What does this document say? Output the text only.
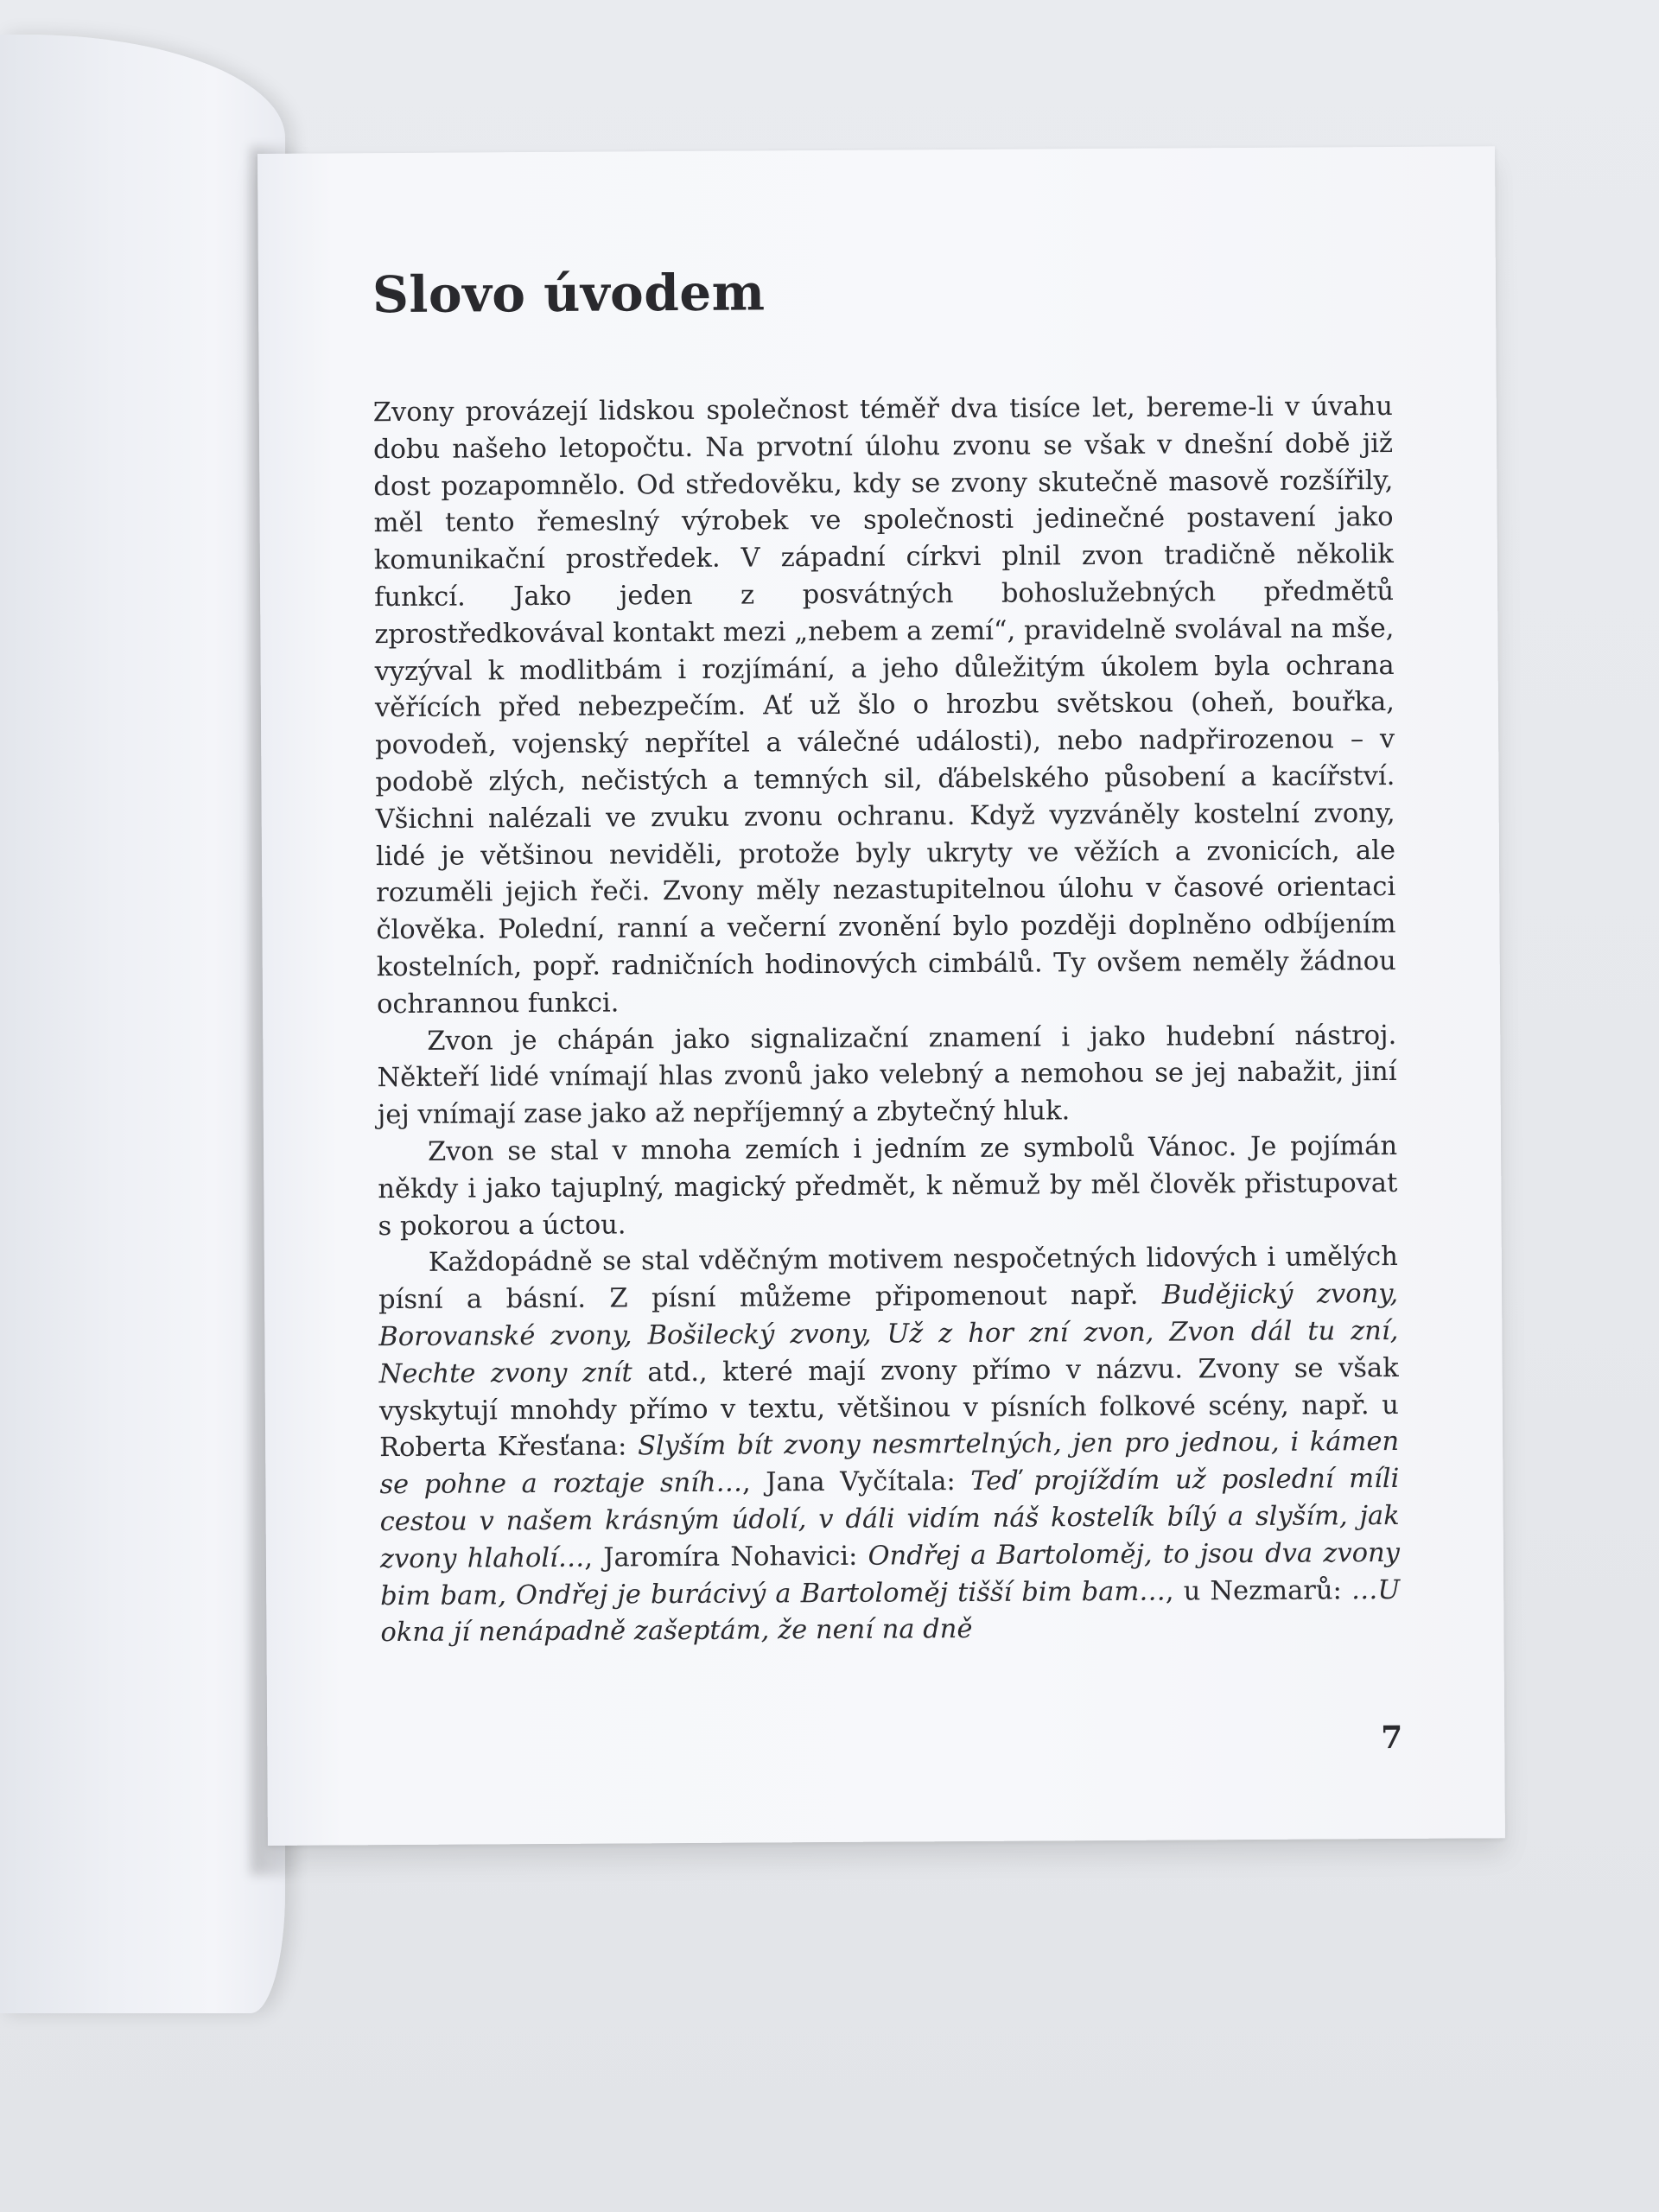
Slovo úvodem

Zvony provázejí lidskou společnost téměř dva tisíce let, bereme-li v úvahu dobu našeho letopočtu. Na prvotní úlohu zvonu se však v dnešní době již dost pozapomnělo. Od středověku, kdy se zvony skutečně masově rozšířily, měl tento řemeslný výrobek ve společnosti jedinečné postavení jako komunikační prostředek. V západní církvi plnil zvon tradičně několik funkcí. Jako jeden z posvátných bohoslužebných předmětů zprostředkovával kontakt mezi „nebem a zemí“, pravidelně svolával na mše, vyzýval k modlitbám i rozjímání, a jeho důležitým úkolem byla ochrana věřících před nebezpečím. Ať už šlo o hrozbu světskou (oheň, bouřka, povodeň, vojenský nepřítel a válečné události), nebo nadpřirozenou – v podobě zlých, nečistých a temných sil, ďábelského působení a kacířství. Všichni nalézali ve zvuku zvonu ochranu. Když vyzváněly kostelní zvony, lidé je většinou neviděli, protože byly ukryty ve věžích a zvonicích, ale rozuměli jejich řeči. Zvony měly nezastupitelnou úlohu v časové orientaci člověka. Polední, ranní a večerní zvonění bylo později doplněno odbíjením kostelních, popř. radničních hodinových cimbálů. Ty ovšem neměly žádnou ochrannou funkci.

Zvon je chápán jako signalizační znamení i jako hudební nástroj. Někteří lidé vnímají hlas zvonů jako velebný a nemohou se jej nabažit, jiní jej vnímají zase jako až nepříjemný a zbytečný hluk.

Zvon se stal v mnoha zemích i jedním ze symbolů Vánoc. Je pojímán někdy i jako tajuplný, magický předmět, k němuž by měl člověk přistupovat s pokorou a úctou.

Každopádně se stal vděčným motivem nespočetných lidových i umělých písní a básní. Z písní můžeme připomenout např. Budějický zvony, Borovanské zvony, Bošilecký zvony, Už z hor zní zvon, Zvon dál tu zní, Nechte zvony znít atd., které mají zvony přímo v názvu. Zvony se však vyskytují mnohdy přímo v textu, většinou v písních folkové scény, např. u Roberta Křesťana: Slyším bít zvony nesmrtelných, jen pro jednou, i kámen se pohne a roztaje sníh…, Jana Vyčítala: Teď projíždím už poslední míli cestou v našem krásným údolí, v dáli vidím náš kostelík bílý a slyším, jak zvony hlaholí…, Jaromíra Nohavici: Ondřej a Bartoloměj, to jsou dva zvony bim bam, Ondřej je burácivý a Bartoloměj tišší bim bam…, u Nezmarů: …U okna jí nenápadně zašeptám, že není na dně

7
